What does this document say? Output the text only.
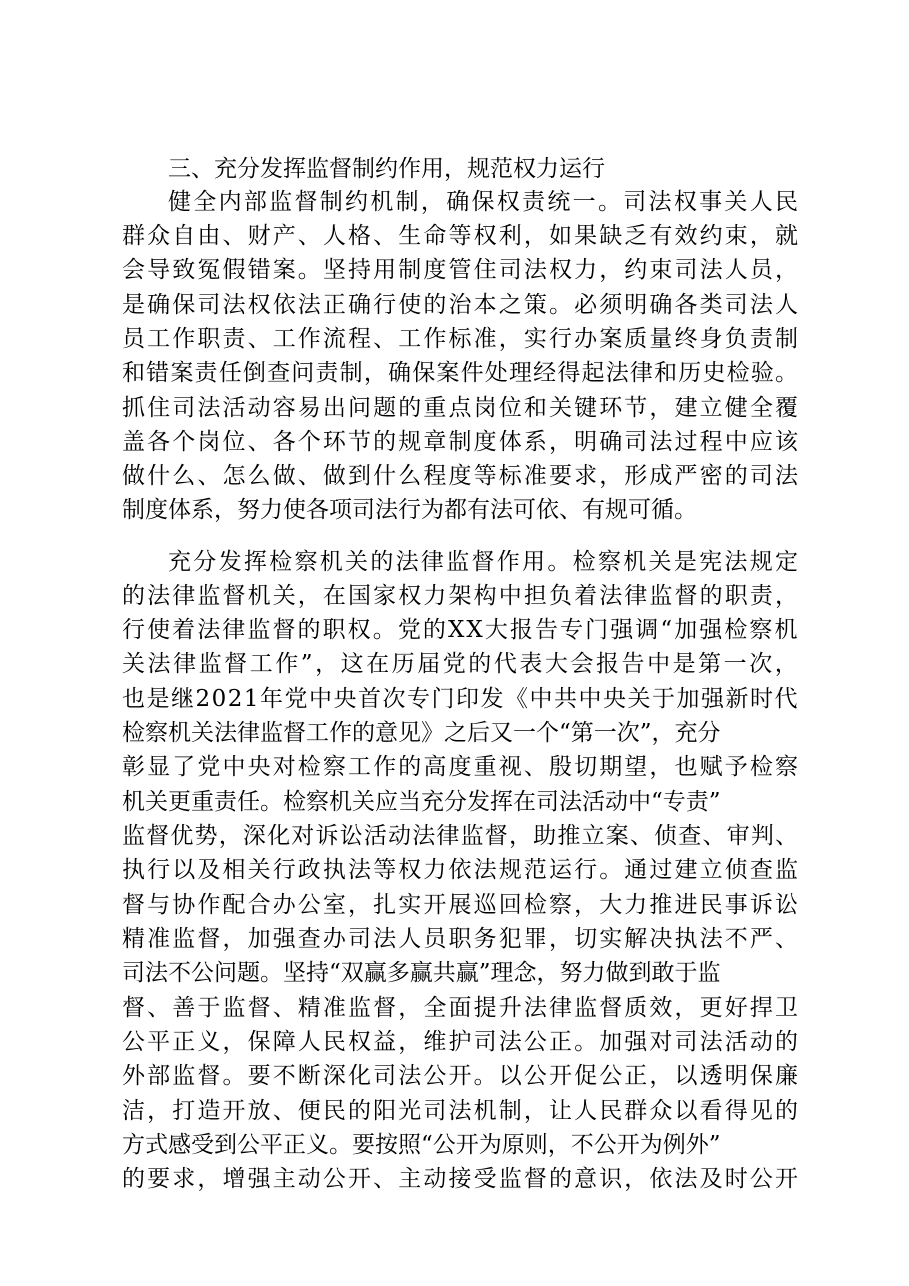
三、充分发挥监督制约作用，规范权力运行
健全内部监督制约机制，确保权责统一。司法权事关人民
群众自由、财产、人格、生命等权利，如果缺乏有效约束，就
会导致冤假错案。坚持用制度管住司法权力，约束司法人员，
是确保司法权依法正确行使的治本之策。必须明确各类司法人
员工作职责、工作流程、工作标准，实行办案质量终身负责制
和错案责任倒查问责制，确保案件处理经得起法律和历史检验。
抓住司法活动容易出问题的重点岗位和关键环节，建立健全覆
盖各个岗位、各个环节的规章制度体系，明确司法过程中应该
做什么、怎么做、做到什么程度等标准要求，形成严密的司法
制度体系，努力使各项司法行为都有法可依、有规可循。
充分发挥检察机关的法律监督作用。检察机关是宪法规定
的法律监督机关，在国家权力架构中担负着法律监督的职责，
行使着法律监督的职权。党的XX大报告专门强调“加强检察机
关法律监督工作”，这在历届党的代表大会报告中是第一次，
也是继2021年党中央首次专门印发《中共中央关于加强新时代
检察机关法律监督工作的意见》之后又一个“第一次”，充分
彰显了党中央对检察工作的高度重视、殷切期望，也赋予检察
机关更重责任。检察机关应当充分发挥在司法活动中“专责”
监督优势，深化对诉讼活动法律监督，助推立案、侦查、审判、
执行以及相关行政执法等权力依法规范运行。通过建立侦查监
督与协作配合办公室，扎实开展巡回检察，大力推进民事诉讼
精准监督，加强查办司法人员职务犯罪，切实解决执法不严、
司法不公问题。坚持“双赢多赢共赢”理念，努力做到敢于监
督、善于监督、精准监督，全面提升法律监督质效，更好捍卫
公平正义，保障人民权益，维护司法公正。加强对司法活动的
外部监督。要不断深化司法公开。以公开促公正，以透明保廉
洁，打造开放、便民的阳光司法机制，让人民群众以看得见的
方式感受到公平正义。要按照“公开为原则，不公开为例外”
的要求，增强主动公开、主动接受监督的意识，依法及时公开
